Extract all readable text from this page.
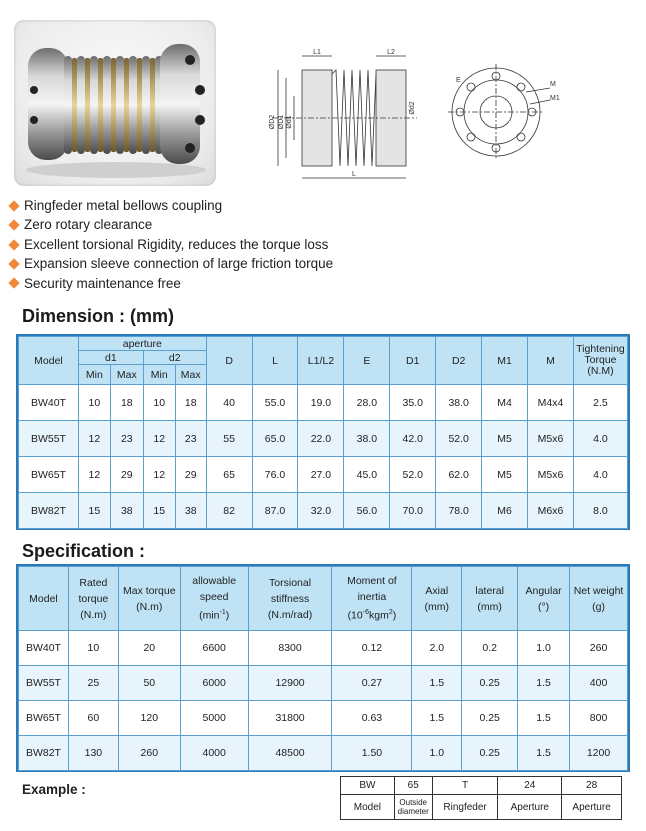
L1	L2
L
ØD2 ØD1 Ød1
Ød2
E
M
M1
Ringfeder metal bellows coupling
Zero rotary clearance
Excellent torsional Rigidity, reduces the torque loss
Expansion sleeve connection of large friction torque
Security maintenance free
Dimension : (mm)
Model	aperture				D	L	L1/L2	E	D1	D2	M1	M	Tightening Torque (N.M)
	d1		d2										
	Min	Max	Min	Max									
BW40T	10	18	10	18	40	55.0	19.0	28.0	35.0	38.0	M4	M4x4	2.5
BW55T	12	23	12	23	55	65.0	22.0	38.0	42.0	52.0	M5	M5x6	4.0
BW65T	12	29	12	29	65	76.0	27.0	45.0	52.0	62.0	M5	M5x6	4.0
BW82T	15	38	15	38	82	87.0	32.0	56.0	70.0	78.0	M6	M6x6	8.0
Specification :
Model	Rated
torque
(N.m)	Max torque
(N.m)	allowable
speed
$(\min^{-1})$	Torsional
stiffness
(N.m/rad)	Moment of
inertia
$(10^{-6}kgm^2)$	Axial
(mm)	lateral
(mm)	Angular
(°)	Net weight
(g)
BW40T	10	20	6600	8300	0.12	2.0	0.2	1.0	260
BW55T	25	50	6000	12900	0.27	1.5	0.25	1.5	400
BW65T	60	120	5000	31800	0.63	1.5	0.25	1.5	800
BW82T	130	260	4000	48500	1.50	1.0	0.25	1.5	1200
Example :	BW	65	T	24	28
Model	Outside
diameter	Ringfeder	Aperture	Aperture
